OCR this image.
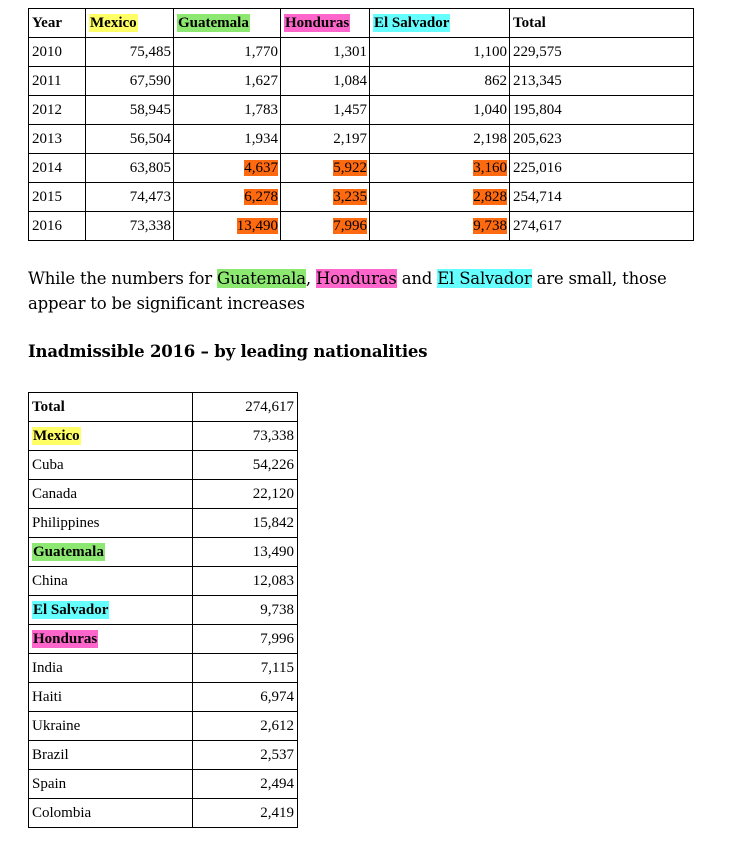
Year	Mexico	Guatemala	Honduras	El Salvador	Total
2010	75,485	1,770	1,301	1,100	229,575
2011	67,590	1,627	1,084	862	213,345
2012	58,945	1,783	1,457	1,040	195,804
2013	56,504	1,934	2,197	2,198	205,623
2014	63,805	4,637	5,922	3,160	225,016
2015	74,473	6,278	3,235	2,828	254,714
2016	73,338	13,490	7,996	9,738	274,617

While the numbers for Guatemala, Honduras and El Salvador are small, those appear to be significant increases

Inadmissible 2016 – by leading nationalities

Total	274,617
Mexico	73,338
Cuba	54,226
Canada	22,120
Philippines	15,842
Guatemala	13,490
China	12,083
El Salvador	9,738
Honduras	7,996
India	7,115
Haiti	6,974
Ukraine	2,612
Brazil	2,537
Spain	2,494
Colombia	2,419
